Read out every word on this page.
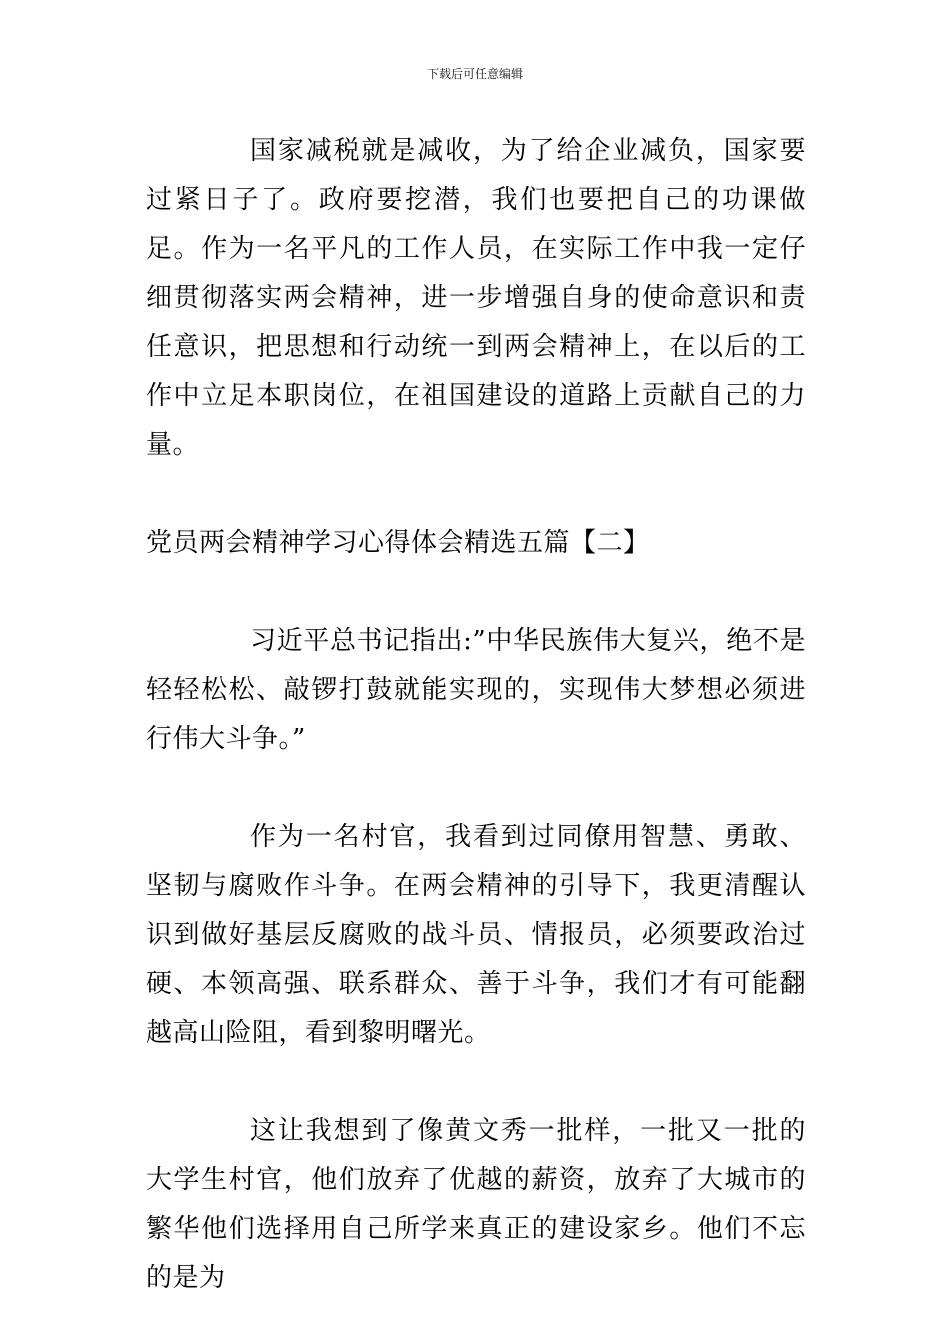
下载后可任意编辑

国家减税就是减收，为了给企业减负，国家要过紧日子了。政府要挖潜，我们也要把自己的功课做足。作为一名平凡的工作人员，在实际工作中我一定仔细贯彻落实两会精神，进一步增强自身的使命意识和责任意识，把思想和行动统一到两会精神上，在以后的工作中立足本职岗位，在祖国建设的道路上贡献自己的力量。

党员两会精神学习心得体会精选五篇【二】

习近平总书记指出:”中华民族伟大复兴，绝不是轻轻松松、敲锣打鼓就能实现的，实现伟大梦想必须进行伟大斗争。”

作为一名村官，我看到过同僚用智慧、勇敢、坚韧与腐败作斗争。在两会精神的引导下，我更清醒认识到做好基层反腐败的战斗员、情报员，必须要政治过硬、本领高强、联系群众、善于斗争，我们才有可能翻越高山险阻，看到黎明曙光。

这让我想到了像黄文秀一批样，一批又一批的大学生村官，他们放弃了优越的薪资，放弃了大城市的繁华他们选择用自己所学来真正的建设家乡。他们不忘的是为
